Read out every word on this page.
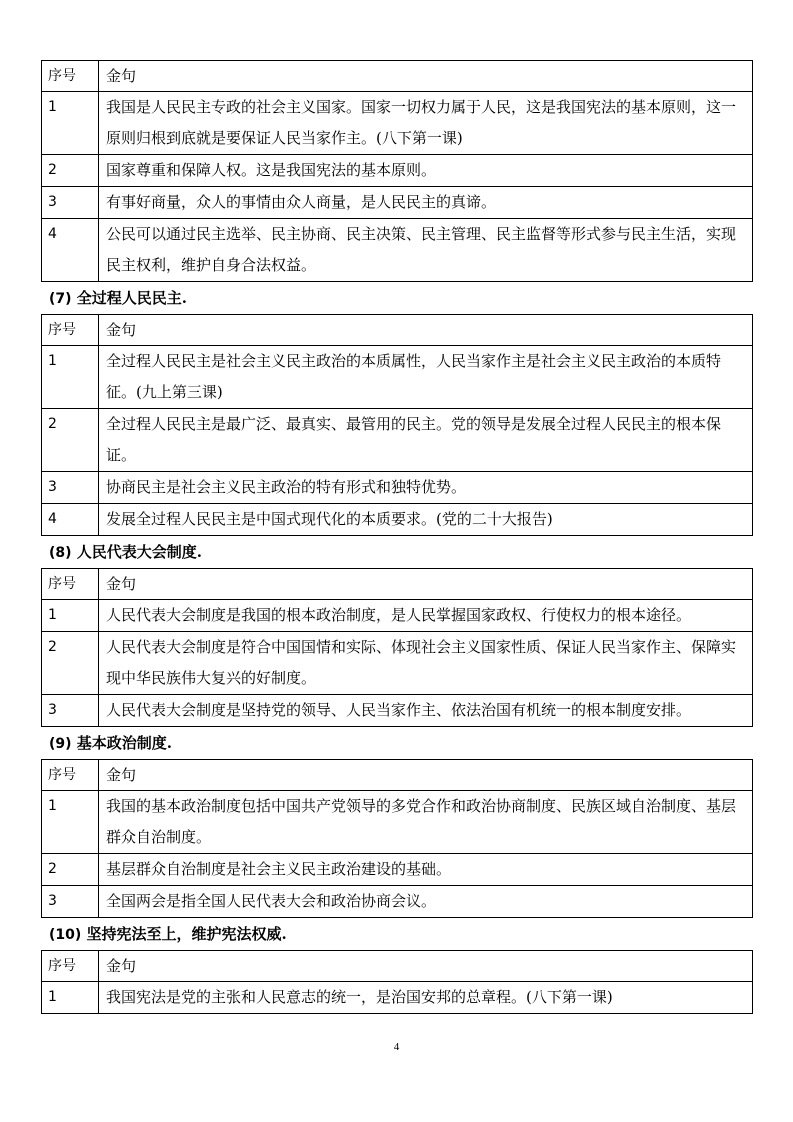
序号	金句
1	我国是人民民主专政的社会主义国家。国家一切权力属于人民，这是我国宪法的基本原则，这一原则归根到底就是要保证人民当家作主。(八下第一课)
2	国家尊重和保障人权。这是我国宪法的基本原则。
3	有事好商量，众人的事情由众人商量，是人民民主的真谛。
4	公民可以通过民主选举、民主协商、民主决策、民主管理、民主监督等形式参与民主生活，实现民主权利，维护自身合法权益。
(7) 全过程人民民主.
序号	金句
1	全过程人民民主是社会主义民主政治的本质属性，人民当家作主是社会主义民主政治的本质特征。(九上第三课)
2	全过程人民民主是最广泛、最真实、最管用的民主。党的领导是发展全过程人民民主的根本保证。
3	协商民主是社会主义民主政治的特有形式和独特优势。
4	发展全过程人民民主是中国式现代化的本质要求。(党的二十大报告)
(8) 人民代表大会制度.
序号	金句
1	人民代表大会制度是我国的根本政治制度，是人民掌握国家政权、行使权力的根本途径。
2	人民代表大会制度是符合中国国情和实际、体现社会主义国家性质、保证人民当家作主、保障实现中华民族伟大复兴的好制度。
3	人民代表大会制度是坚持党的领导、人民当家作主、依法治国有机统一的根本制度安排。
(9) 基本政治制度.
序号	金句
1	我国的基本政治制度包括中国共产党领导的多党合作和政治协商制度、民族区域自治制度、基层群众自治制度。
2	基层群众自治制度是社会主义民主政治建设的基础。
3	全国两会是指全国人民代表大会和政治协商会议。
(10) 坚持宪法至上，维护宪法权威.
序号	金句
1	我国宪法是党的主张和人民意志的统一，是治国安邦的总章程。(八下第一课)
4
